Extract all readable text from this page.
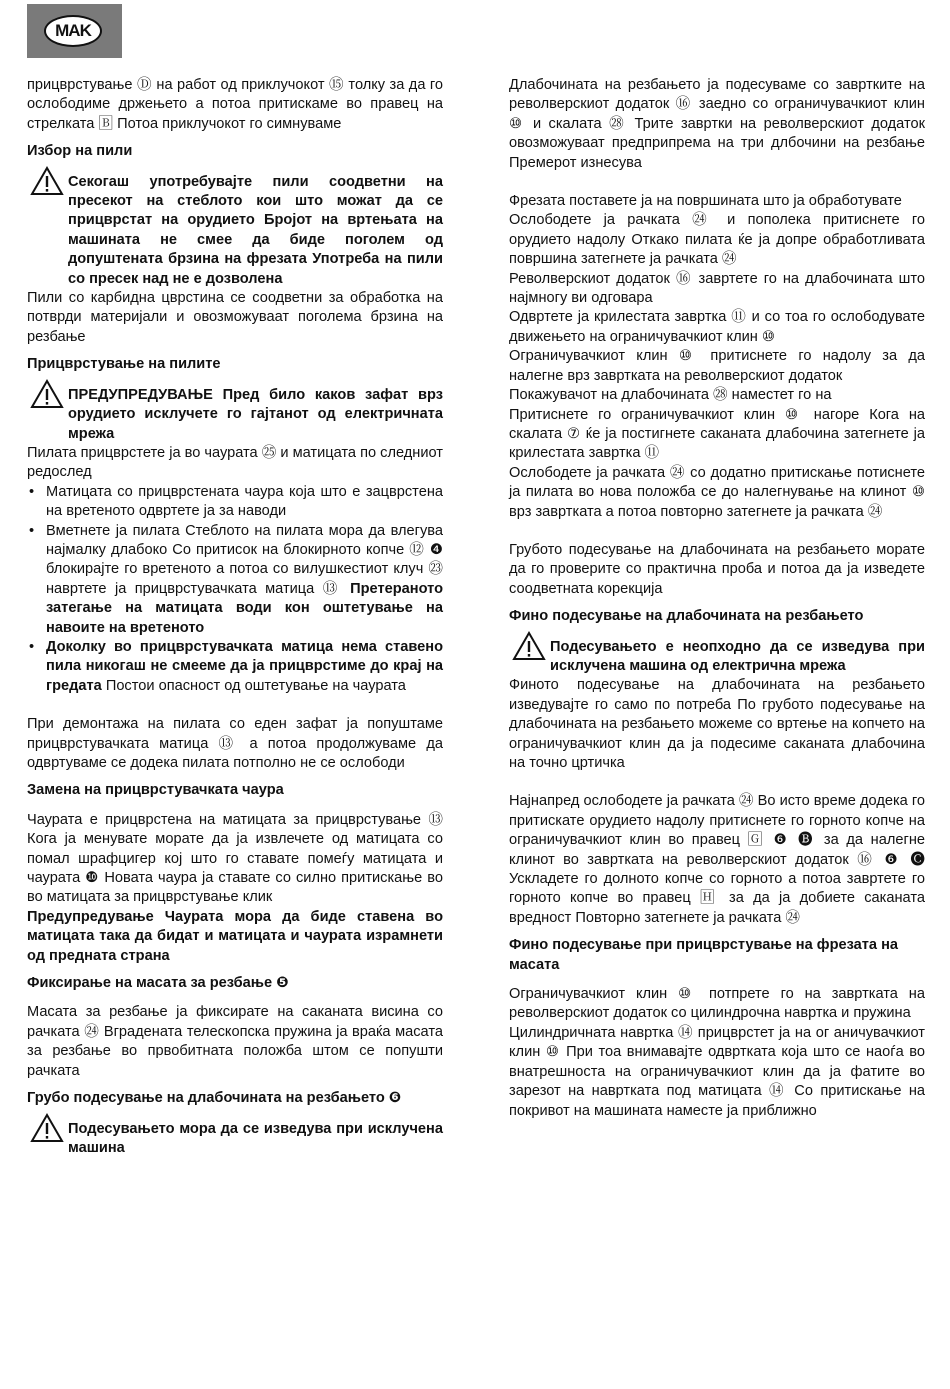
MAK

прицврстување Ⓓ на работ од приклучокот ⑮ толку за да го ослободиме држењето а потоа притискаме во правец на стрелката 🄱 Потоа приклучокот го симнуваме

Избор на пили

Секогаш употребувајте пили соодветни на пресекот на стеблото кои што можат да се прицврстат на орудието Бројот на вртењата на машината не смее да биде поголем од допуштената брзина на фрезата Употреба на пили со пресек над не е дозволена

Пили со карбидна цврстина се соодветни за обработка на потврди материјали и овозможуваат поголема брзина на резбање

Прицврстување на пилите

ПРЕДУПРЕДУВАЊЕ Пред било каков зафат врз орудието исклучете го гајтанот од електричната мрежа

Пилата прицврстете ја во чаурата ㉕ и матицата по следниот редослед

• Матицата со прицврстената чаура која што е зацврстена на вретеното одвртете ја за наводи
• Вметнете ја пилата Стеблото на пилата мора да влегува најмалку длабоко Со притисок на блокирното копче ⑫ ❹ блокирајте го вретеното а потоа со вилушкестиот клуч ㉓ навртете ја прицврстувачката матица ⑬ Претераното затегање на матицата води кон оштетување на навоите на вретеното
• Доколку во прицврстувачката матица нема ставено пила никогаш не смееме да ја прицврстиме до крај на гредата Постои опасност од оштетување на чаурата

При демонтажа на пилата со еден зафат ја попуштаме прицврстувачката матица ⑬ а потоа продолжуваме да одвртуваме се додека пилата потполно не се ослободи

Замена на прицврстувачката чаура

Чаурата е прицврстена на матицата за прицврстување ⑬ Кога ја менувате морате да ја извлечете од матицата со помал шрафцигер кој што го ставате помеѓу матицата и чаурата ❿ Новата чаура ја ставате со силно притискање во во матицата за прицврстување клик

Предупредување Чаурата мора да биде ставена во матицата така да бидат и матицата и чаурата израмнети од предната страна

Фиксирање на масата за резбање ❺

Масата за резбање ја фиксирате на саканата висина со рачката ㉔ Вградената телескопска пружина ја враќа масата за резбање во првобитната положба штом се попушти рачката

Грубо подесување на длабочината на резбањето ❻

Подесувањето мора да се изведува при исклучена машина

Длабочината на резбањето ја подесуваме со завртките на револверскиот додаток ⑯ заедно со ограничувачкиот клин ⑩ и скалата ㉘ Трите завртки на револверскиот додаток овозможуваат предприпрема на три длбочини на резбање Премерот изнесува

Фрезата поставете ја на површината што ја обработувате

Ослободете ја рачката ㉔ и пополека притиснете го орудието надолу Откако пилата ќе ја допре обработливата површина затегнете ја рачката ㉔

Револверскиот додаток ⑯ завртете го на длабочината што најмногу ви одговара

Одвртете ја крилестата завртка ⑪ и со тоа го ослободувате движењето на ограничувачкиот клин ⑩

Ограничувачкиот клин ⑩ притиснете го надолу за да налегне врз завртката на револверскиот додаток

Покажувачот на длабочината ㉘ наместет го на

Притиснете го ограничувачкиот клин ⑩ нагоре Кога на скалата ⑦ ќе ја постигнете саканата длабочина затегнете ја крилестата завртка ⑪

Ослободете ја рачката ㉔ со додатно притискање потиснете ја пилата во нова положба се до налегнување на клинот ⑩ врз завртката а потоа повторно затегнете ја рачката ㉔

Грубото подесување на длабочината на резбањето морате да го проверите со практична проба и потоа да ја изведете соодветната корекција

Фино подесување на длабочината на резбањето

Подесувањето е неопходно да се изведува при исклучена машина од електрична мрежа

Финото подесување на длабочината на резбањето изведувајте го само по потреба По грубото подесување на длабочината на резбањето можеме со вртење на копчето на ограничувачкиот клин да ја подесиме саканата длабочина на точно цртичка

Најнапред ослободете ја рачката ㉔ Во исто време додека го притискате орудието надолу притиснете го горното копче на ограничувачкиот клин во правец 🄶 ❻ 🅑 за да налегне клинот во завртката на револверскиот додаток ⑯ ❻ 🅒 Ускладете го долното копче со горното а потоа завртете го горното копче во правец 🄷 за да ја добиете саканата вредност Повторно затегнете ја рачката ㉔

Фино подесување при прицврстување на фрезата на масата

Ограничувачкиот клин ⑩ потпрете го на завртката на револверскиот додаток со цилиндрочна наврткa и пружина

Цилиндричната навртка ⑭ прицврстет ја на ог аничувачкиот клин ⑩ При тоа внимавајте одвртката која што се наоѓа во внатрешноста на ограничувачкиот клин да ја фатите во зарезот на навртката под матицата ⑭ Со притискање на покривот на машината наместе ја приближно
